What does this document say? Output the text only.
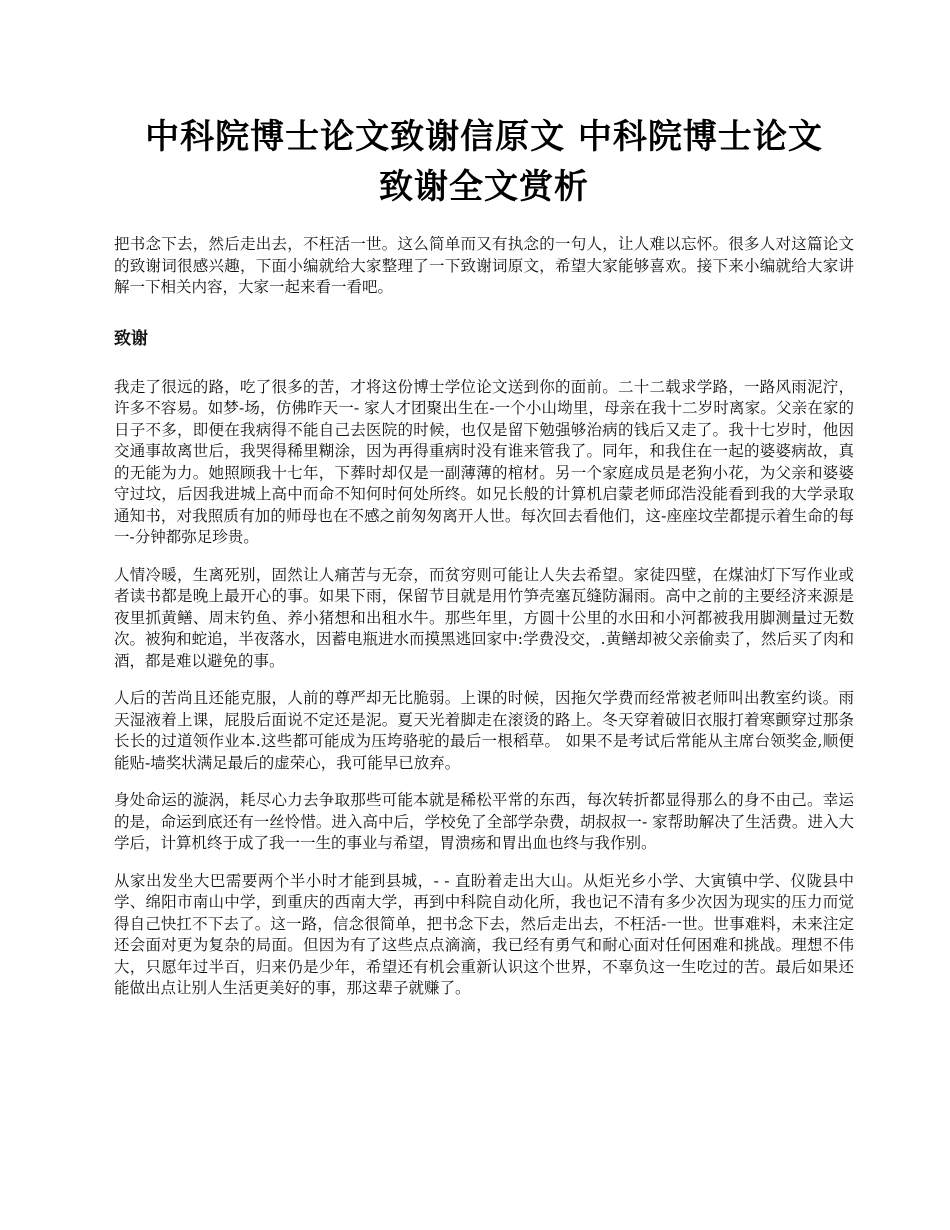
中科院博士论文致谢信原文 中科院博士论文
致谢全文赏析

把书念下去，然后走出去，不枉活一世。这么简单而又有执念的一句人，让人难以忘怀。很多人对这篇论文的致谢词很感兴趣，下面小编就给大家整理了一下致谢词原文，希望大家能够喜欢。接下来小编就给大家讲解一下相关内容，大家一起来看一看吧。

致谢

我走了很远的路，吃了很多的苦，才将这份博士学位论文送到你的面前。二十二载求学路，一路风雨泥泞，许多不容易。如梦-场，仿佛昨天一- 家人才团聚出生在-一个小山坳里，母亲在我十二岁时离家。父亲在家的日子不多，即便在我病得不能自己去医院的时候，也仅是留下勉强够治病的钱后又走了。我十七岁时，他因交通事故离世后，我哭得稀里糊涂，因为再得重病时没有谁来管我了。同年，和我住在一起的婆婆病故，真的无能为力。她照顾我十七年，下葬时却仅是一副薄薄的棺材。另一个家庭成员是老狗小花，为父亲和婆婆守过坟，后因我进城上高中而命不知何时何处所终。如兄长般的计算机启蒙老师邱浩没能看到我的大学录取通知书，对我照质有加的师母也在不感之前匆匆离开人世。每次回去看他们，这-座座坟茔都提示着生命的每一-分钟都弥足珍贵。

人情冷暖，生离死别，固然让人痛苦与无奈，而贫穷则可能让人失去希望。家徒四壁，在煤油灯下写作业或者读书都是晚上最开心的事。如果下雨，保留节目就是用竹笋壳塞瓦缝防漏雨。高中之前的主要经济来源是夜里抓黄鳝、周末钓鱼、养小猪想和出租水牛。那些年里，方圆十公里的水田和小河都被我用脚测量过无数次。被狗和蛇追，半夜落水，因蓄电瓶进水而摸黑逃回家中:学费没交，.黄鳝却被父亲偷卖了，然后买了肉和酒，都是难以避免的事。

人后的苦尚且还能克服，人前的尊严却无比脆弱。上课的时候，因拖欠学费而经常被老师叫出教室约谈。雨天湿液着上课，屁股后面说不定还是泥。夏天光着脚走在滚烫的路上。冬天穿着破旧衣服打着寒颤穿过那条长长的过道领作业本.这些都可能成为压垮骆驼的最后一根稻草。 如果不是考试后常能从主席台领奖金,顺便能贴-墙奖状满足最后的虚荣心，我可能早已放弃。

身处命运的漩涡，耗尽心力去争取那些可能本就是稀松平常的东西，每次转折都显得那么的身不由己。幸运的是，命运到底还有一丝怜惜。进入高中后，学校免了全部学杂费，胡叔叔一- 家帮助解决了生活费。进入大学后，计算机终于成了我一一生的事业与希望，胃溃疡和胃出血也终与我作别。

从家出发坐大巴需要两个半小时才能到县城，- - 直盼着走出大山。从炬光乡小学、大寅镇中学、仪陇县中学、绵阳市南山中学，到重庆的西南大学，再到中科院自动化所，我也记不清有多少次因为现实的压力而觉得自己快扛不下去了。这一路，信念很简单，把书念下去，然后走出去，不枉活-一世。世事难料，未来注定还会面对更为复杂的局面。但因为有了这些点点滴滴，我已经有勇气和耐心面对任何困难和挑战。理想不伟大，只愿年过半百，归来仍是少年，希望还有机会重新认识这个世界，不辜负这一生吃过的苦。最后如果还能做出点让别人生活更美好的事，那这辈子就赚了。
